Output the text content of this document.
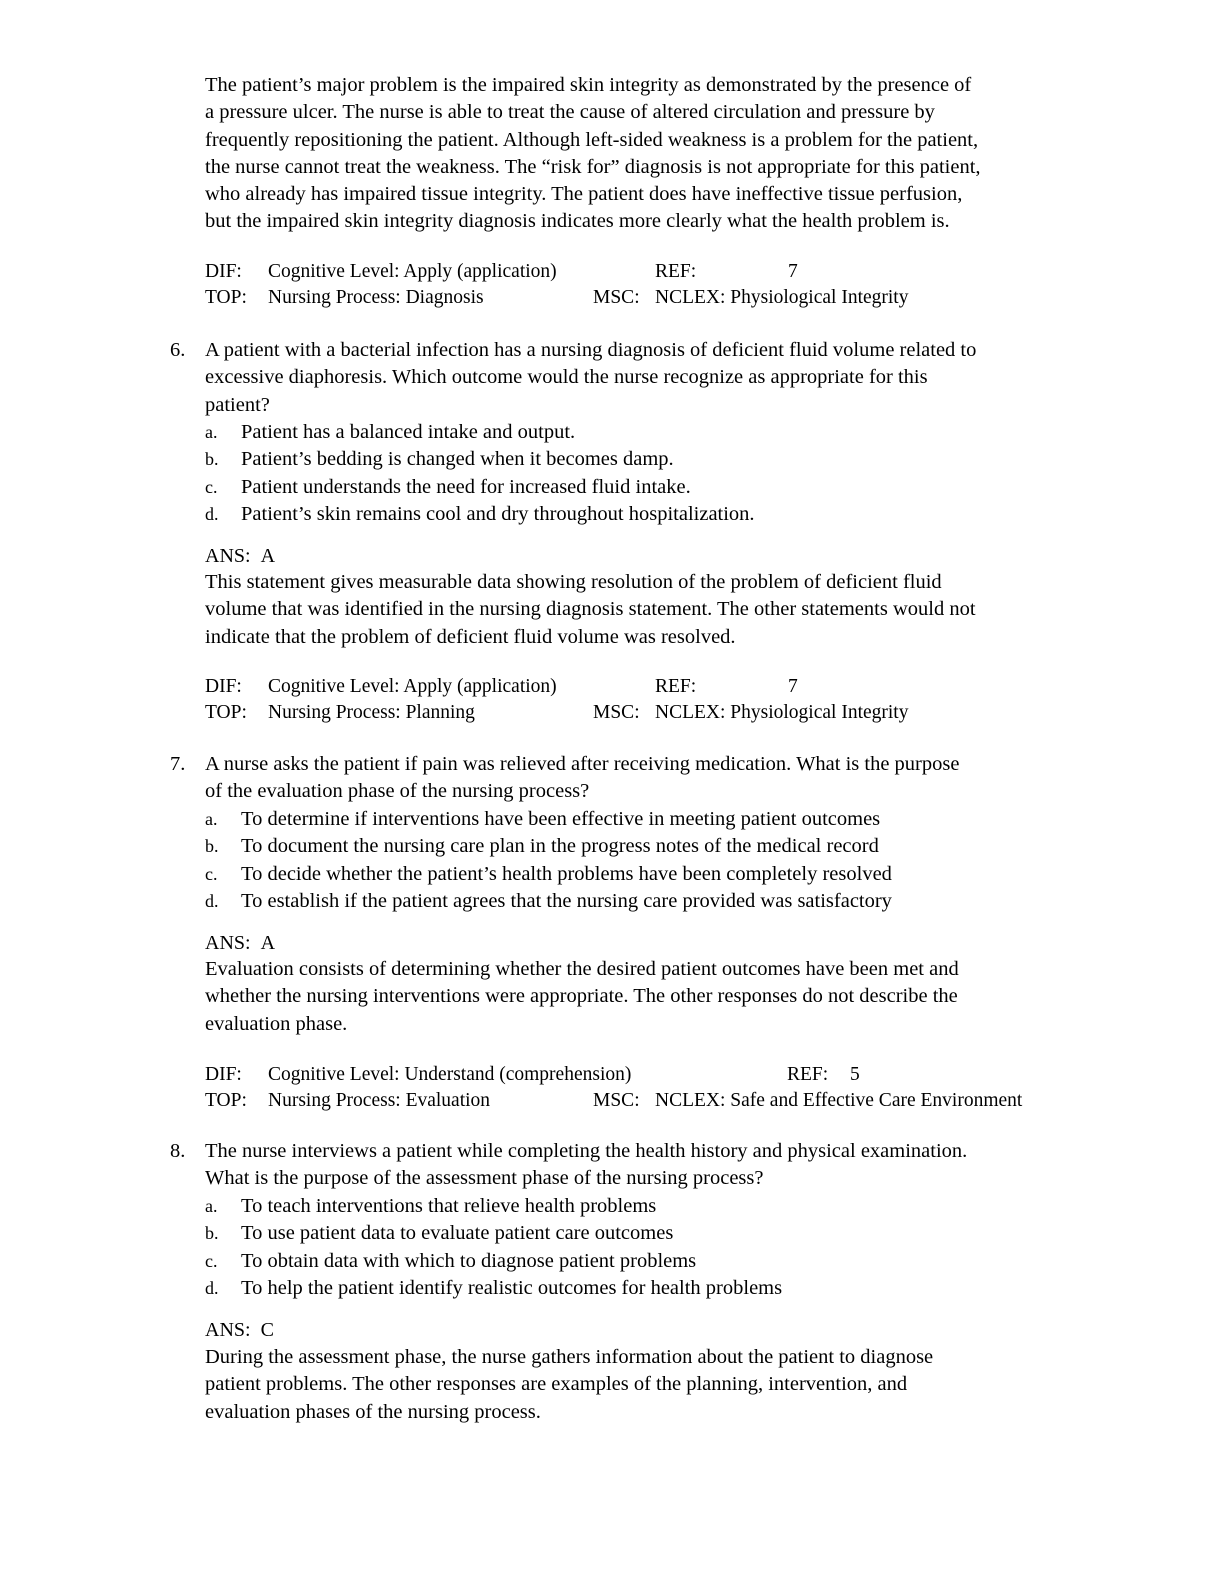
The patient’s major problem is the impaired skin integrity as demonstrated by the presence of

a pressure ulcer. The nurse is able to treat the cause of altered circulation and pressure by

frequently repositioning the patient. Although left-sided weakness is a problem for the patient,

the nurse cannot treat the weakness. The “risk for” diagnosis is not appropriate for this patient,

who already has impaired tissue integrity. The patient does have ineffective tissue perfusion,

but the impaired skin integrity diagnosis indicates more clearly what the health problem is.

DIF: Cognitive Level: Apply (application)	REF:	7
TOP: Nursing Process: Diagnosis	MSC: NCLEX: Physiological Integrity
6. A patient with a bacterial infection has a nursing diagnosis of deficient fluid volume related to

excessive diaphoresis. Which outcome would the nurse recognize as appropriate for this

patient?

a. Patient has a balanced intake and output.
b. Patient’s bedding is changed when it becomes damp.
c. Patient understands the need for increased fluid intake.
d. Patient’s skin remains cool and dry throughout hospitalization.
ANS: A

This statement gives measurable data showing resolution of the problem of deficient fluid

volume that was identified in the nursing diagnosis statement. The other statements would not

indicate that the problem of deficient fluid volume was resolved.

DIF: Cognitive Level: Apply (application)	REF:	7
TOP: Nursing Process: Planning	MSC: NCLEX: Physiological Integrity
7. A nurse asks the patient if pain was relieved after receiving medication. What is the purpose

of the evaluation phase of the nursing process?

a. To determine if interventions have been effective in meeting patient outcomes
b. To document the nursing care plan in the progress notes of the medical record
c. To decide whether the patient’s health problems have been completely resolved
d. To establish if the patient agrees that the nursing care provided was satisfactory
ANS: A

Evaluation consists of determining whether the desired patient outcomes have been met and

whether the nursing interventions were appropriate. The other responses do not describe the

evaluation phase.

DIF: Cognitive Level: Understand (comprehension)	REF: 5
TOP: Nursing Process: Evaluation	MSC: NCLEX: Safe and Effective Care Environment
8. The nurse interviews a patient while completing the health history and physical examination.

What is the purpose of the assessment phase of the nursing process?

a. To teach interventions that relieve health problems
b. To use patient data to evaluate patient care outcomes
c. To obtain data with which to diagnose patient problems
d. To help the patient identify realistic outcomes for health problems
ANS: C

During the assessment phase, the nurse gathers information about the patient to diagnose

patient problems. The other responses are examples of the planning, intervention, and

evaluation phases of the nursing process.
